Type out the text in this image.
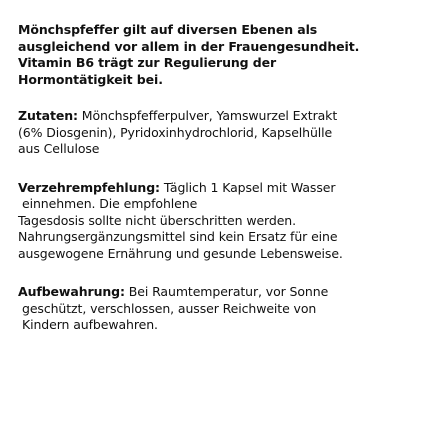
Mönchspfeffer gilt auf diversen Ebenen als
ausgleichend vor allem in der Frauengesundheit.
Vitamin B6 trägt zur Regulierung der
Hormontätigkeit bei.

Zutaten: Mönchspfefferpulver, Yamswurzel Extrakt
(6% Diosgenin), Pyridoxinhydrochlorid, Kapselhülle
aus Cellulose

Verzehrempfehlung: Täglich 1 Kapsel mit Wasser
einnehmen. Die empfohlene
Tagesdosis sollte nicht überschritten werden.
Nahrungsergänzungsmittel sind kein Ersatz für eine
ausgewogene Ernährung und gesunde Lebensweise.

Aufbewahrung: Bei Raumtemperatur, vor Sonne
geschützt, verschlossen, ausser Reichweite von
Kindern aufbewahren.
